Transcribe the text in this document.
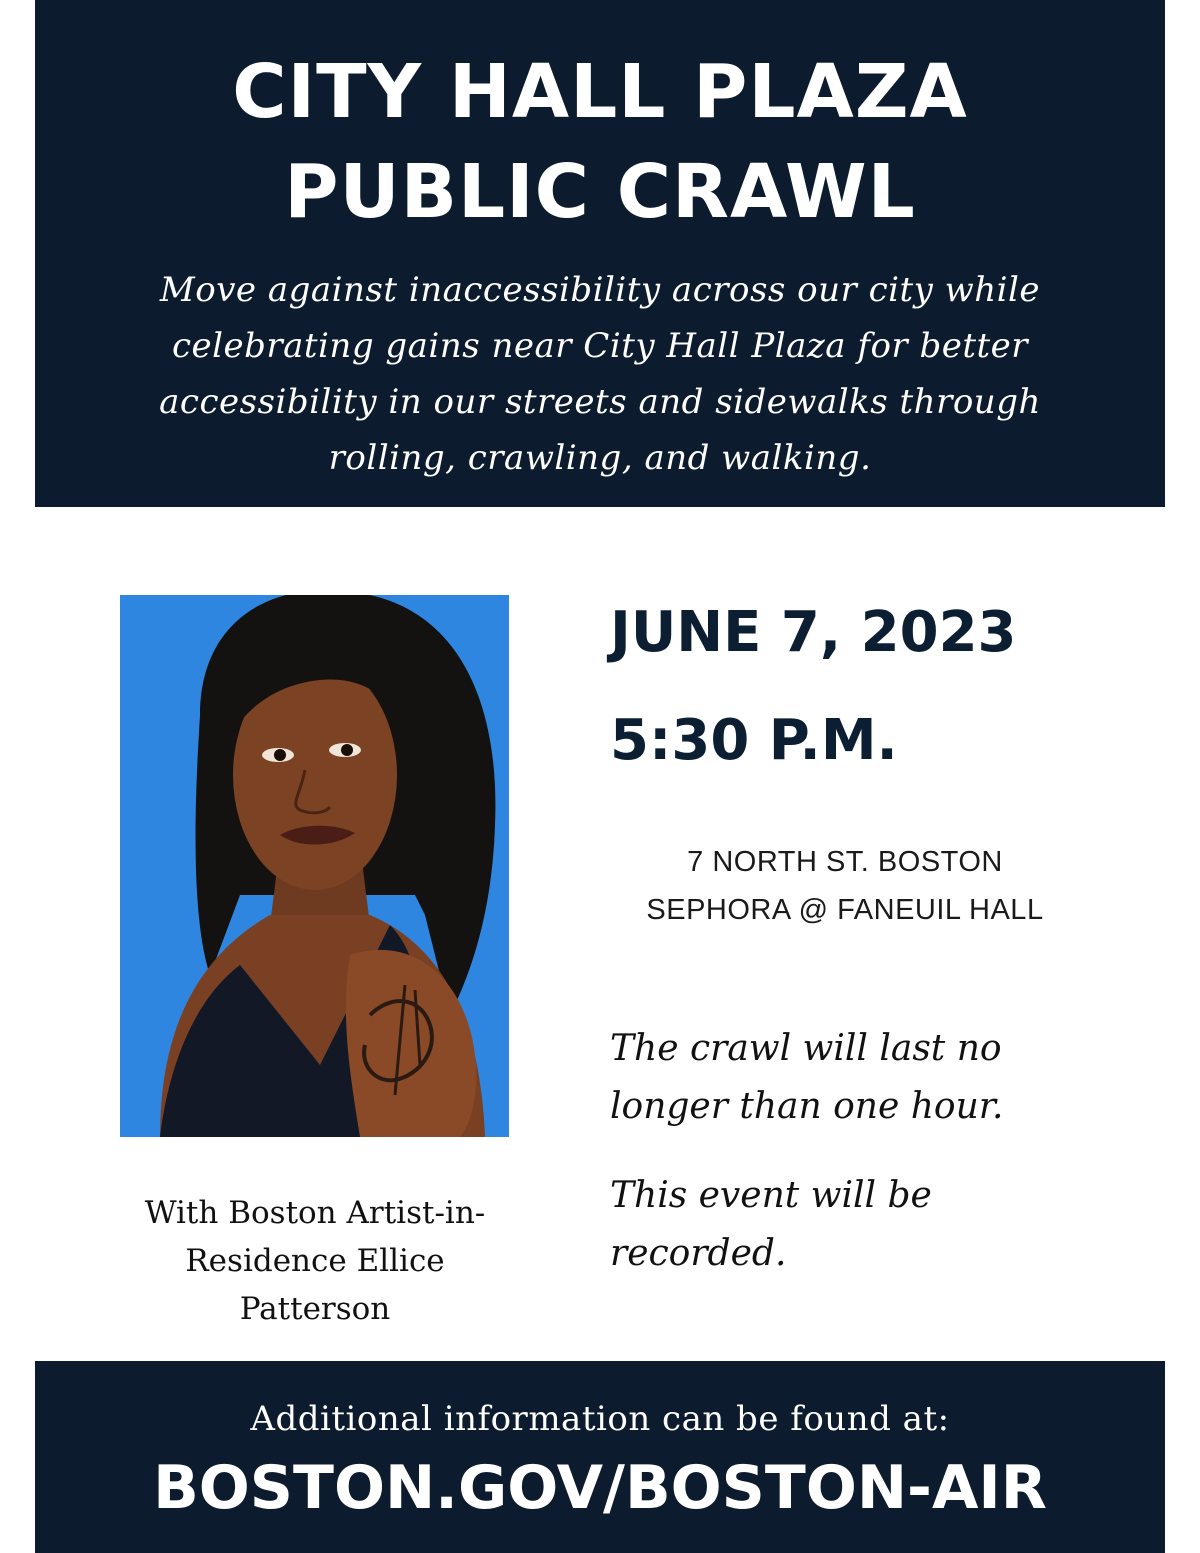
CITY HALL PLAZA
PUBLIC CRAWL

Move against inaccessibility across our city while celebrating gains near City Hall Plaza for better accessibility in our streets and sidewalks through rolling, crawling, and walking.

With Boston Artist-in-Residence Ellice Patterson

JUNE 7, 2023

5:30 P.M.

7 NORTH ST. BOSTON
SEPHORA @ FANEUIL HALL

The crawl will last no longer than one hour.

This event will be recorded.

Additional information can be found at:

BOSTON.GOV/BOSTON-AIR
